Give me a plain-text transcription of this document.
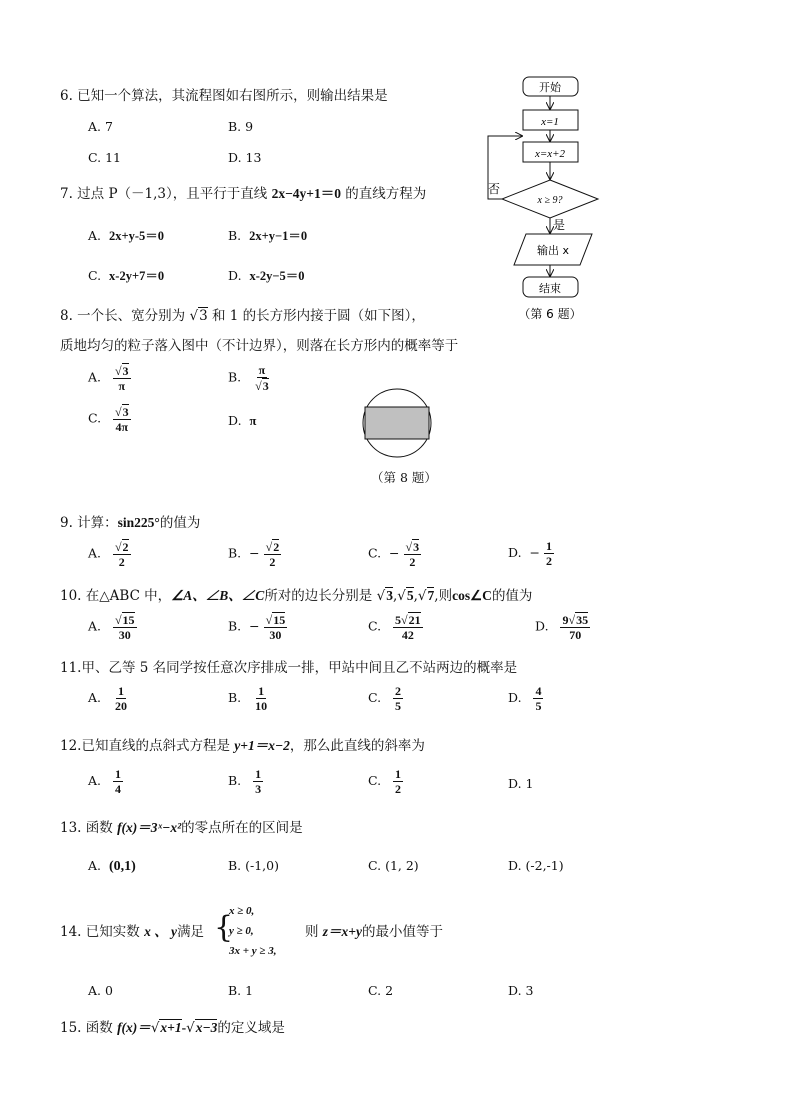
6. 已知一个算法，其流程图如右图所示，则输出结果是
A. 7	B. 9
C. 11	D. 13
开始
x=1
x=x+2
x ≥ 9?
否
是
输出 x
结束
（第 6 题）
7. 过点 P（－1,3），且平行于直线 2x−4y+1＝0 的直线方程为
A. 2x+y-5＝0	B. 2x+y−1＝0
C. x-2y+7＝0	D. x-2y−5＝0
8. 一个长、宽分别为 √3 和 1 的长方形内接于圆（如下图），
质地均匀的粒子落入图中（不计边界），则落在长方形内的概率等于
A. $\frac{√3}{\pi}$	B. $\frac{\pi}{√3}$
C. $\frac{√3}{4\pi}$	D. π
（第 8 题）
9. 计算：sin225°的值为
A. $\frac{√2}{2}$	B. − $\frac{√2}{2}$	C. − $\frac{√3}{2}$	D. − $\frac{1}{2}$
10. 在△ABC 中，∠A、∠B、∠C所对的边长分别是 √3,√5,√7,则cos∠C的值为
A. $\frac{√15}{30}$	B. − $\frac{√15}{30}$	C. $\frac{5√21}{42}$	D. $\frac{9√35}{70}$
11.甲、乙等 5 名同学按任意次序排成一排，甲站中间且乙不站两边的概率是
A. $\frac{1}{20}$	B. $\frac{1}{10}$	C. $\frac{2}{5}$	D. $\frac{4}{5}$
12.已知直线的点斜式方程是 y+1＝x−2，那么此直线的斜率为
A. $\frac{1}{4}$	B. $\frac{1}{3}$	C. $\frac{1}{2}$	D. 1
13. 函数 f(x)＝3ˣ−x²的零点所在的区间是
A. (0,1)	B. (-1,0)	C. (1, 2)	D. (-2,-1)
14. 已知实数 x 、 y满足 {
x ≥ 0,
y ≥ 0,
3x + y ≥ 3,
则 z＝x+y的最小值等于
A. 0	B. 1	C. 2	D. 3
15. 函数 f(x)＝√x+1-√x−3的定义域是
